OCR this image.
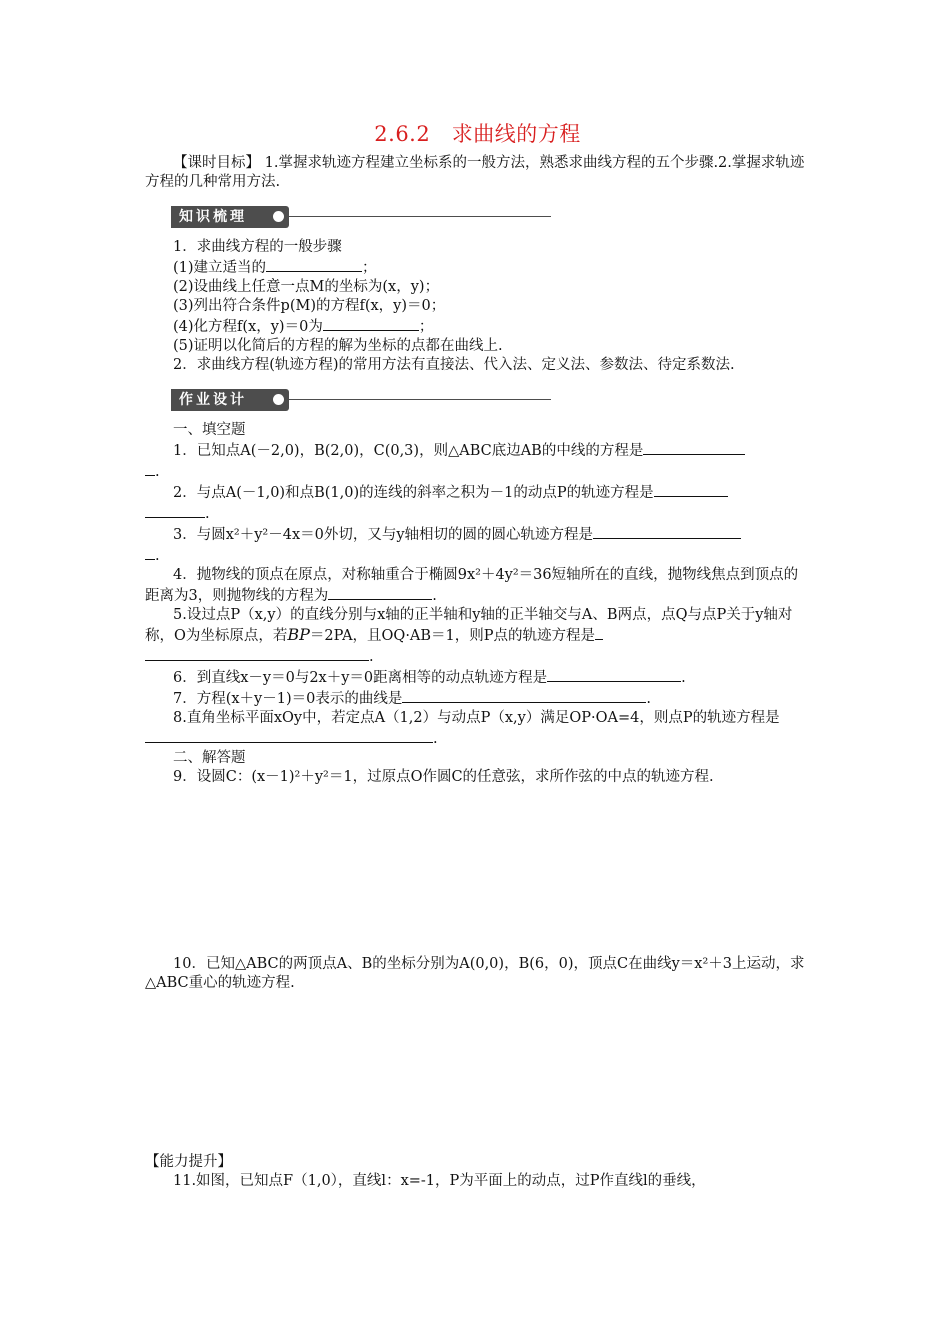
2.6.2　求曲线的方程

【课时目标】 1.掌握求轨迹方程建立坐标系的一般方法，熟悉求曲线方程的五个步骤.2.掌握求轨迹方程的几种常用方法.

知识梳理

1．求曲线方程的一般步骤

(1)建立适当的	；

(2)设曲线上任意一点M的坐标为(x，y)；

(3)列出符合条件p(M)的方程f(x，y)＝0；

(4)化方程f(x，y)＝0为	；

(5)证明以化简后的方程的解为坐标的点都在曲线上.

2．求曲线方程(轨迹方程)的常用方法有直接法、代入法、定义法、参数法、待定系数法.

作业设计

一、填空题

1．已知点A(－2,0)，B(2,0)，C(0,3)，则△ABC底边AB的中线的方程是
.

2．与点A(－1,0)和点B(1,0)的连线的斜率之积为－1的动点P的轨迹方程是
.

3．与圆x²＋y²－4x＝0外切，又与y轴相切的圆的圆心轨迹方程是
.

4．抛物线的顶点在原点，对称轴重合于椭圆9x²＋4y²＝36短轴所在的直线，抛物线焦点到顶点的距离为3，则抛物线的方程为	.

5.设过点P（x,y）的直线分别与x轴的正半轴和y轴的正半轴交与A、B两点，点Q与点P关于y轴对称，O为坐标原点，若BP＝2PA，且OQ·AB＝1，则P点的轨迹方程是
.

6．到直线x－y＝0与2x＋y＝0距离相等的动点轨迹方程是	.

7．方程(x＋y－1)＝0表示的曲线是	.

8.直角坐标平面xOy中，若定点A（1,2）与动点P（x,y）满足OP·OA=4，则点P的轨迹方程是.

二、解答题

9．设圆C：(x－1)²＋y²＝1，过原点O作圆C的任意弦，求所作弦的中点的轨迹方程.

10．已知△ABC的两顶点A、B的坐标分别为A(0,0)，B(6，0)，顶点C在曲线y＝x²＋3上运动，求△ABC重心的轨迹方程.

【能力提升】

11.如图，已知点F（1,0），直线l：x=-1，P为平面上的动点，过P作直线l的垂线，
